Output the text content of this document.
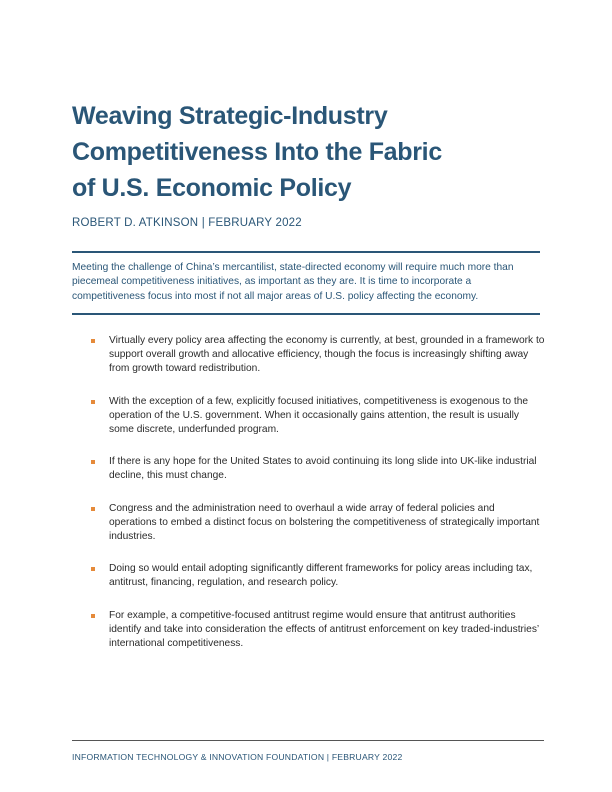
Weaving Strategic-Industry
Competitiveness Into the Fabric
of U.S. Economic Policy
ROBERT D. ATKINSON | FEBRUARY 2022

Meeting the challenge of China’s mercantilist, state-directed economy will require much more than piecemeal competitiveness initiatives, as important as they are. It is time to incorporate a competitiveness focus into most if not all major areas of U.S. policy affecting the economy.

Virtually every policy area affecting the economy is currently, at best, grounded in a framework to support overall growth and allocative efficiency, though the focus is increasingly shifting away from growth toward redistribution.
With the exception of a few, explicitly focused initiatives, competitiveness is exogenous to the operation of the U.S. government. When it occasionally gains attention, the result is usually some discrete, underfunded program.
If there is any hope for the United States to avoid continuing its long slide into UK-like industrial decline, this must change.
Congress and the administration need to overhaul a wide array of federal policies and operations to embed a distinct focus on bolstering the competitiveness of strategically important industries.
Doing so would entail adopting significantly different frameworks for policy areas including tax, antitrust, financing, regulation, and research policy.
For example, a competitive-focused antitrust regime would ensure that antitrust authorities identify and take into consideration the effects of antitrust enforcement on key traded-industries’ international competitiveness.
INFORMATION TECHNOLOGY & INNOVATION FOUNDATION | FEBRUARY 2022
